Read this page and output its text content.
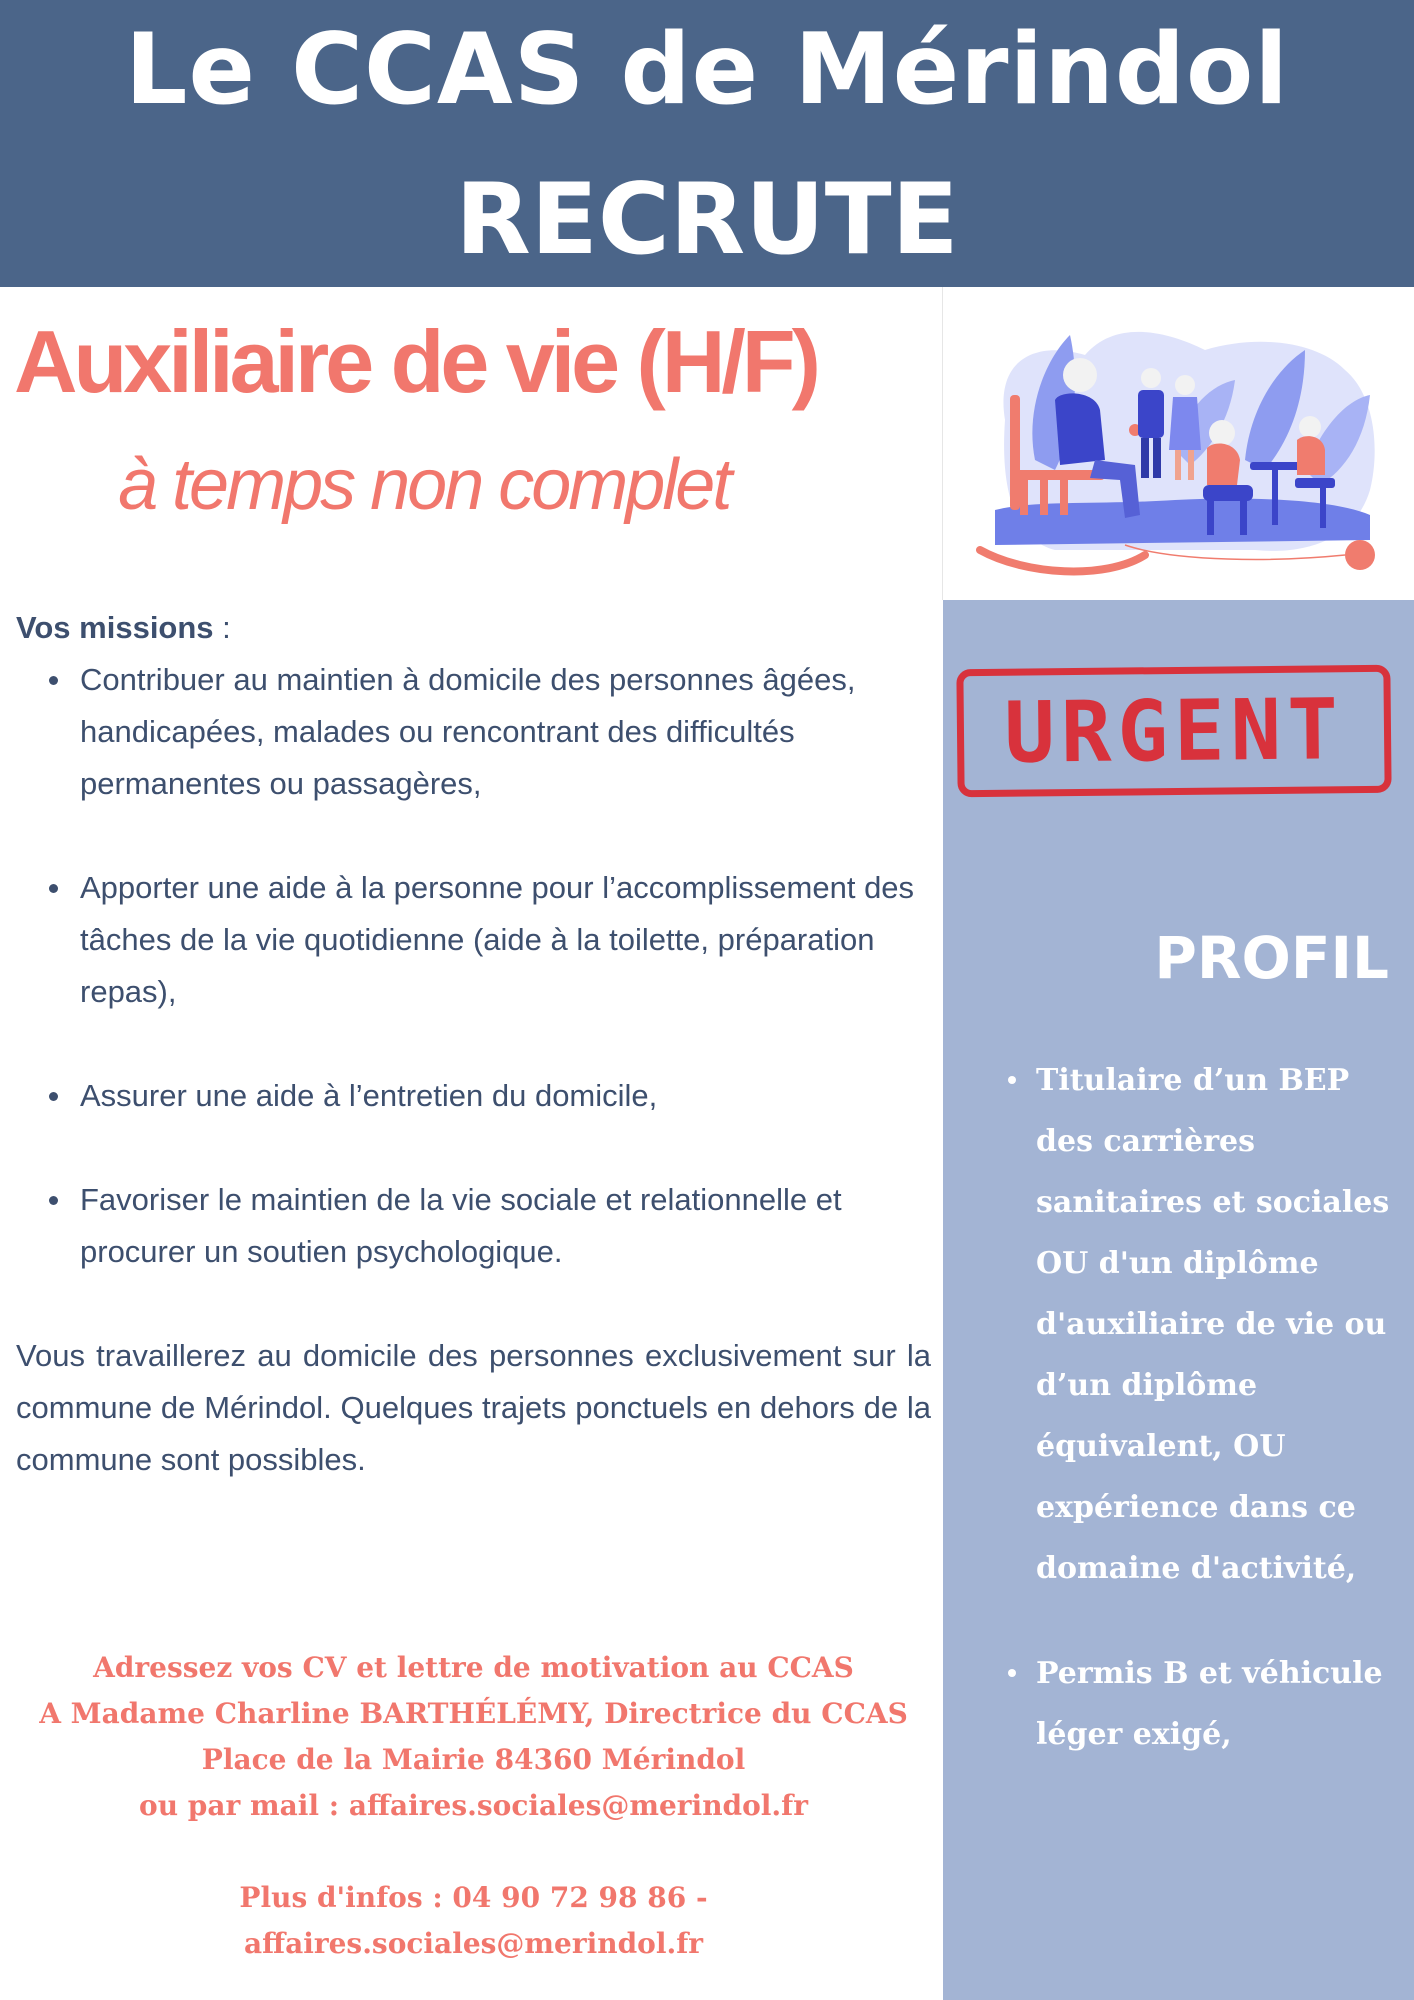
Le CCAS de Mérindol
RECRUTE
Auxiliaire de vie (H/F)
à temps non complet

Vos missions :

Contribuer au maintien à domicile des personnes âgées, handicapées, malades ou rencontrant des difficultés permanentes ou passagères,
Apporter une aide à la personne pour l’accomplissement des tâches de la vie quotidienne (aide à la toilette, préparation repas),
Assurer une aide à l’entretien du domicile,
Favoriser le maintien de la vie sociale et relationnelle et procurer un soutien psychologique.

Vous travaillerez au domicile des personnes exclusivement sur la commune de Mérindol. Quelques trajets ponctuels en dehors de la commune sont possibles.

Adressez vos CV et lettre de motivation au CCAS
A Madame Charline BARTHÉLÉMY, Directrice du CCAS
Place de la Mairie 84360 Mérindol
ou par mail : affaires.sociales@merindol.fr
Plus d'infos : 04 90 72 98 86 -
affaires.sociales@merindol.fr
URGENT
PROFIL
Titulaire d’un BEP des carrières sanitaires et sociales OU d'un diplôme d'auxiliaire de vie ou d’un diplôme équivalent, OU expérience dans ce domaine d'activité,
Permis B et véhicule léger exigé,
